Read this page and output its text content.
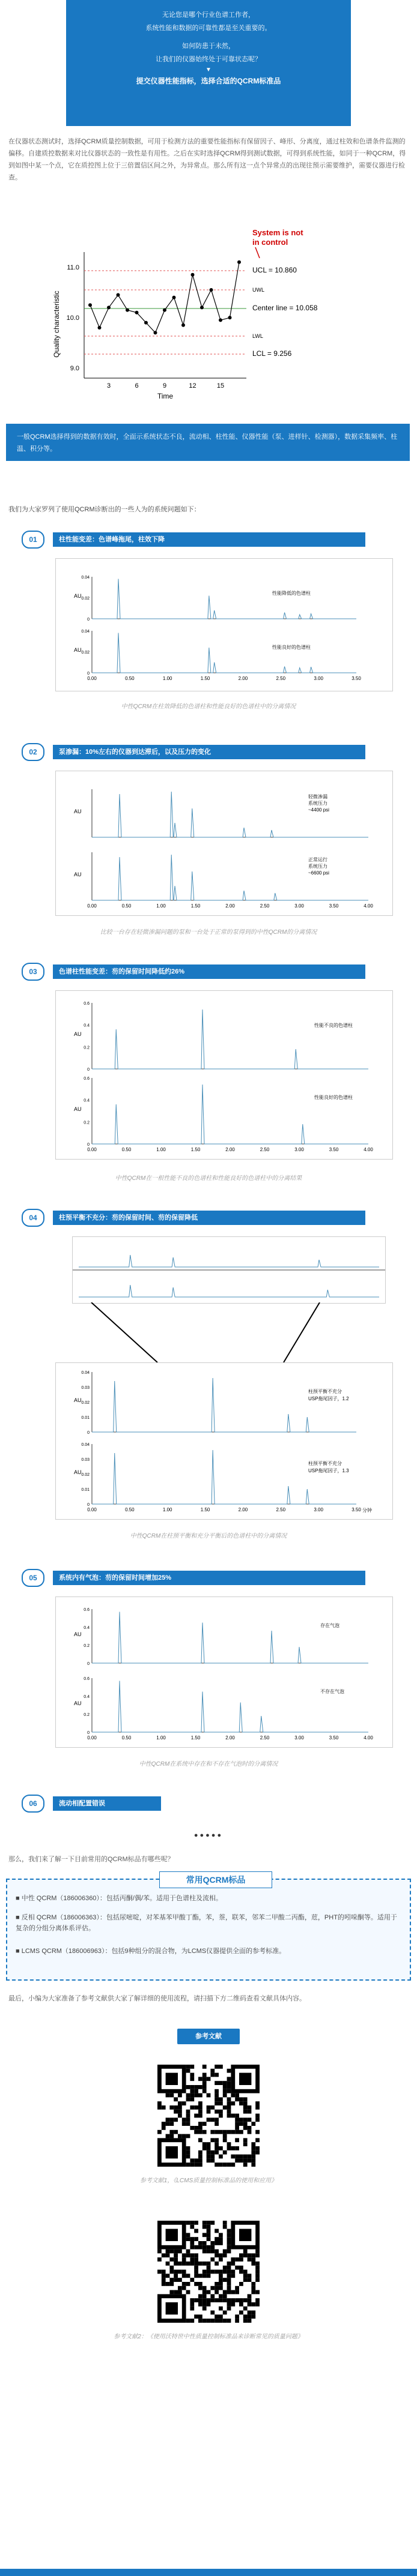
无论您是哪个行业色谱工作者，
系统性能和数据的可靠性都是至关重要的。
如何防患于未然，
让我们的仪器始终处于可靠状态呢？
▼
提交仪器性能指标，选择合适的QCRM标准品
在仪器状态测试时，选择QCRM质量控制数据，可用于检测方法的重要性能指标有保留因子、峰形、分离度，通过柱效和色谱条件监测的偏移。自建质控数据来对比仪器状态的一致性是有用性。之后在实时选择QCRM得到测试数据，可得到系统性能，如同于一种QCRM，得到如图中某一个点，它在质控图上位于三倍置信区间之外，为异常点。那么所有这一点个异常点的出现往预示需要维护，需要仪器进行检查。
System is not
in control
Quality characteristic
11.0
10.0
9.0
3	6	9	12	15
UCL = 10.860
UWL
Center line = 10.058
LWL
LCL = 9.256
Time
一般QCRM选择得到的数据有效时，全面示系统状态不良，流动相、柱性能、仪器性能（泵、进样针、检测器），数据采集频率、柱温、积分等。
我们为大家罗列了使用QCRM诊断出的一些人为的系统问题如下：
01	柱性能变差：色谱峰拖尾，柱效下降
AU
0
0.02
0.04
性能降低的色谱柱
0.00	0.50	1.00	1.50	2.00	2.50	3.00	3.50
AU
0
0.02
0.04
性能良好的色谱柱
中性QCRM在柱效降低的色谱柱和性能良好的色谱柱中的分离情况
02	泵渗漏：10%左右的仪器到达滞后，以及压力的变化
AU
轻微渗漏
系统压力
~4400 psi
0.00	0.50	1.00	1.50	2.00	2.50	3.00	3.50	4.00
AU
正常运行
系统压力
~6600 psi
比较一台存在轻微渗漏问题的泵和一台处于正常的泵得到的中性QCRM的分离情况
03	色谱柱性能变差：芴的保留时间降低约26%
AU
0
0.2
0.4
0.6
性能不良的色谱柱
0.00	0.50	1.00	1.50	2.00	2.50	3.00	3.50	4.00
AU
0
0.2
0.4
0.6
性能良好的色谱柱
中性QCRM在一根性能不良的色谱柱和性能良好的色谱柱中的分离结果
04	柱预平衡不充分：芴的保留时间、芴的保留降低
AU
0
0.01
0.02
0.03
0.04
柱预平衡不充分
USP拖尾因子，1.2
0.00	0.50	1.00	1.50	2.00	2.50	3.00	3.50
AU
0
0.01
0.02
0.03
0.04
柱预平衡不充分
USP拖尾因子，1.3
分钟
中性QCRM在柱预平衡和充分平衡后的色谱柱中的分离情况
05	系统内有气泡：芴的保留时间增加25%
AU
0
0.2
0.4
0.6
存在气泡
0.00	0.50	1.00	1.50	2.00	2.50	3.00	3.50	4.00
AU
0
0.2
0.4
0.6
不存在气泡
中性QCRM在系统中存在和不存在气泡时的分离情况
06	流动相配置错误
●●●●●
那么，我们来了解一下目前常用的QCRM标品有哪些呢？
常用QCRM标品
■ 中性 QCRM（186006360）：包括丙酮/偶/苯。适用于色谱柱及流相。
■ 反相 QCRM（186006363）：包括尿嘧啶，对苯基苯甲酸丁酯，苯，萘，联苯，邻苯二甲酸二丙酯，苊，PHT的吲哚酮等。适用于复杂的分组分离体系评估。
■ LCMS QCRM（186006963）：包括9种组分的混合物，为LCMS仪器提供全面的参考标准。
最后，小编为大家准备了参考文献供大家了解详细的使用流程，请扫描下方二维码查看文献具体内容。
参考文献
参考文献1，《LCMS质量控制标准品的使用和应用》
参考文献2：《使用沃特世中性质量控制标准品来诊断常见的质量问题》
